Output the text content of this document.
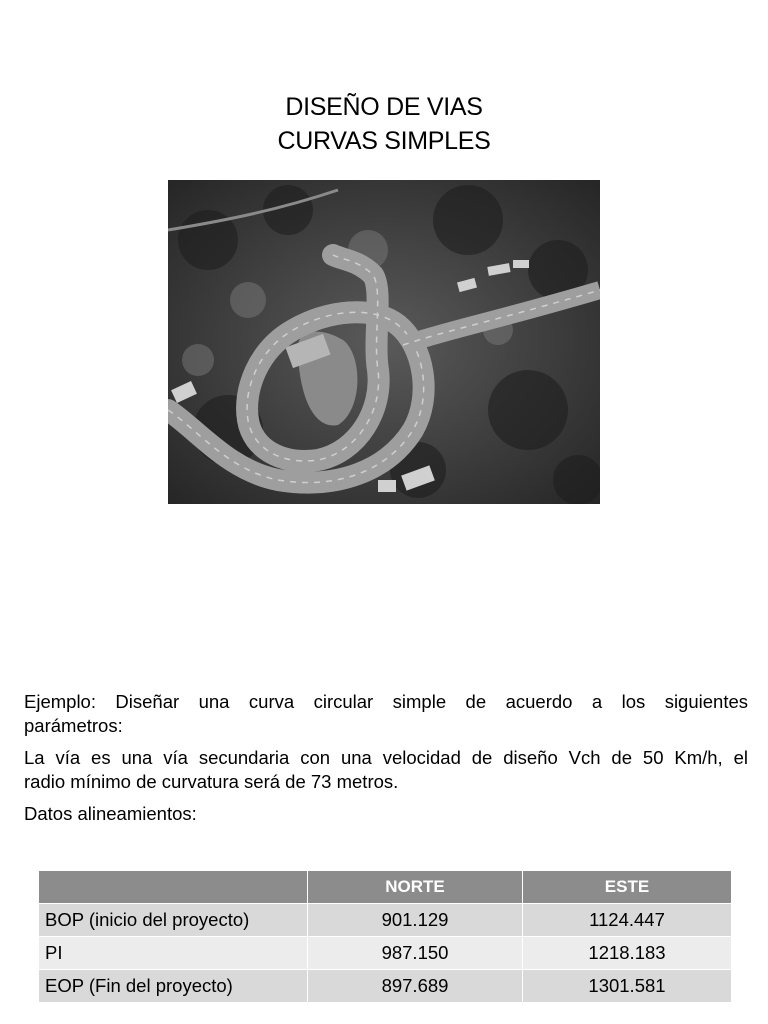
DISEÑO DE VIAS
CURVAS SIMPLES

Ejemplo: Diseñar una curva circular simple de acuerdo a los siguientes

parámetros:

La vía es una vía secundaria con una velocidad de diseño Vch de 50 Km/h, el

radio mínimo de curvatura será de 73 metros.

Datos alineamientos:

	NORTE	ESTE
BOP (inicio del proyecto)	901.129	1124.447
PI	987.150	1218.183
EOP (Fin del proyecto)	897.689	1301.581
